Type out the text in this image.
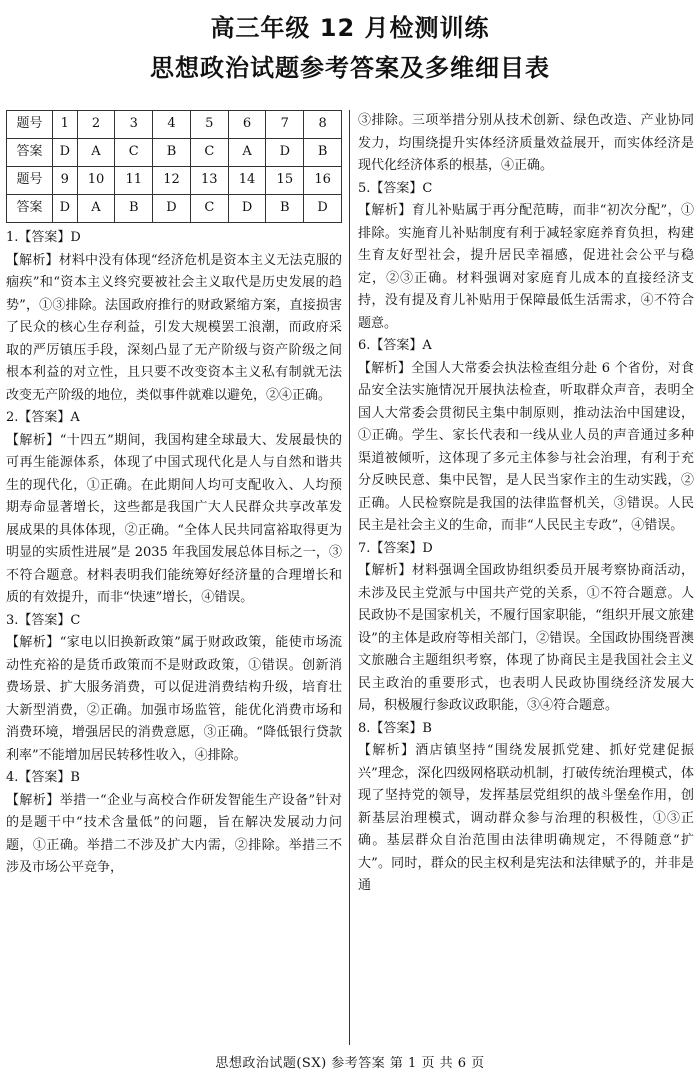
高三年级 12 月检测训练
思想政治试题参考答案及多维细目表
题号	1	2	3	4	5	6	7	8
答案	D	A	C	B	C	A	D	B
题号	9	10	11	12	13	14	15	16
答案	D	A	B	D	C	D	B	D

1.【答案】D

【解析】材料中没有体现“经济危机是资本主义无法克服的痼疾”和“资本主义终究要被社会主义取代是历史发展的趋势”，①③排除。法国政府推行的财政紧缩方案，直接损害了民众的核心生存利益，引发大规模罢工浪潮，而政府采取的严厉镇压手段，深刻凸显了无产阶级与资产阶级之间根本利益的对立性，且只要不改变资本主义私有制就无法改变无产阶级的地位，类似事件就难以避免，②④正确。

2.【答案】A

【解析】“十四五”期间，我国构建全球最大、发展最快的可再生能源体系，体现了中国式现代化是人与自然和谐共生的现代化，①正确。在此期间人均可支配收入、人均预期寿命显著增长，这些都是我国广大人民群众共享改革发展成果的具体体现，②正确。“全体人民共同富裕取得更为明显的实质性进展”是 2035 年我国发展总体目标之一，③不符合题意。材料表明我们能统筹好经济量的合理增长和质的有效提升，而非“快速”增长，④错误。

3.【答案】C

【解析】“家电以旧换新政策”属于财政政策，能使市场流动性充裕的是货币政策而不是财政政策，①错误。创新消费场景、扩大服务消费，可以促进消费结构升级，培育壮大新型消费，②正确。加强市场监管，能优化消费市场和消费环境，增强居民的消费意愿，③正确。“降低银行贷款利率”不能增加居民转移性收入，④排除。

4.【答案】B

【解析】举措一“企业与高校合作研发智能生产设备”针对的是题干中“技术含量低”的问题，旨在解决发展动力问题，①正确。举措二不涉及扩大内需，②排除。举措三不涉及市场公平竞争，

③排除。三项举措分别从技术创新、绿色改造、产业协同发力，均围绕提升实体经济质量效益展开，而实体经济是现代化经济体系的根基，④正确。

5.【答案】C

【解析】育儿补贴属于再分配范畴，而非“初次分配”，①排除。实施育儿补贴制度有利于减轻家庭养育负担，构建生育友好型社会，提升居民幸福感，促进社会公平与稳定，②③正确。材料强调对家庭育儿成本的直接经济支持，没有提及育儿补贴用于保障最低生活需求，④不符合题意。

6.【答案】A

【解析】全国人大常委会执法检查组分赴 6 个省份，对食品安全法实施情况开展执法检查，听取群众声音，表明全国人大常委会贯彻民主集中制原则，推动法治中国建设，①正确。学生、家长代表和一线从业人员的声音通过多种渠道被倾听，这体现了多元主体参与社会治理，有利于充分反映民意、集中民智，是人民当家作主的生动实践，②正确。人民检察院是我国的法律监督机关，③错误。人民民主是社会主义的生命，而非“人民民主专政”，④错误。

7.【答案】D

【解析】材料强调全国政协组织委员开展考察协商活动，未涉及民主党派与中国共产党的关系，①不符合题意。人民政协不是国家机关，不履行国家职能，“组织开展文旅建设”的主体是政府等相关部门，②错误。全国政协围绕晋澳文旅融合主题组织考察，体现了协商民主是我国社会主义民主政治的重要形式，也表明人民政协围绕经济发展大局，积极履行参政议政职能，③④符合题意。

8.【答案】B

【解析】酒店镇坚持“围绕发展抓党建、抓好党建促振兴”理念，深化四级网格联动机制，打破传统治理模式，体现了坚持党的领导，发挥基层党组织的战斗堡垒作用，创新基层治理模式，调动群众参与治理的积极性，①③正确。基层群众自治范围由法律明确规定，不得随意“扩大”。同时，群众的民主权利是宪法和法律赋予的，并非是通

思想政治试题(SX) 参考答案 第 1 页 共 6 页
